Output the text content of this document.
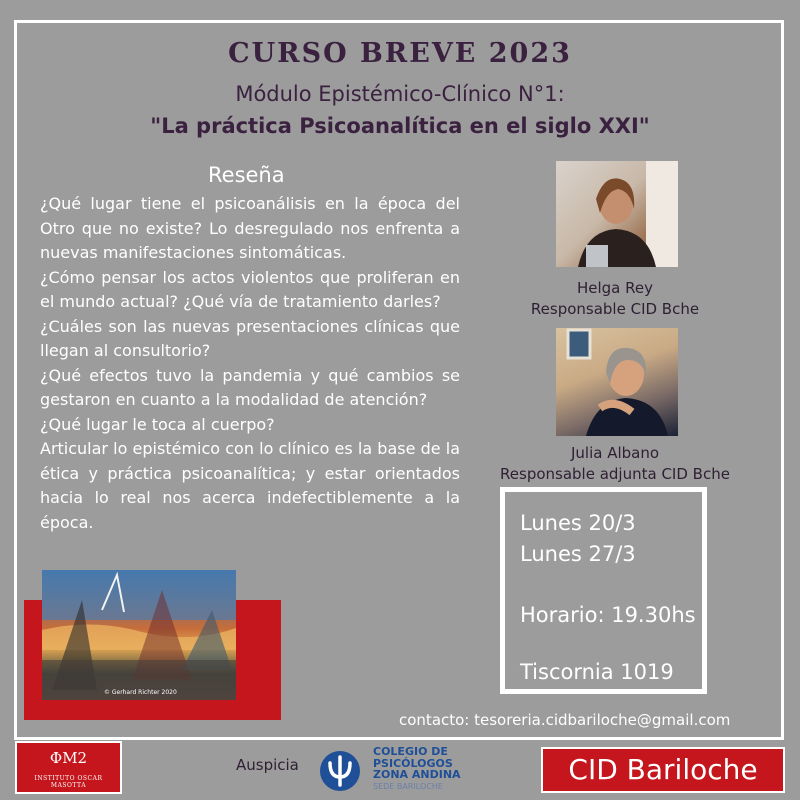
CURSO BREVE 2023
Módulo Epistémico-Clínico N°1:
"La práctica Psicoanalítica en el siglo XXI"
Reseña

¿Qué lugar tiene el psicoanálisis en la época del Otro que no existe? Lo desregulado nos enfrenta a nuevas manifestaciones sintomáticas.

¿Cómo pensar los actos violentos que proliferan en el mundo actual? ¿Qué vía de tratamiento darles?

¿Cuáles son las nuevas presentaciones clínicas que llegan al consultorio?

¿Qué efectos tuvo la pandemia y qué cambios se gestaron en cuanto a la modalidad de atención?

¿Qué lugar le toca al cuerpo?

Articular lo epistémico con lo clínico es la base de la ética y práctica psicoanalítica; y estar orientados hacia lo real nos acerca indefectiblemente a la época.

Helga Rey
Responsable CID Bche
Julia Albano
Responsable adjunta CID Bche
Lunes 20/3
Lunes 27/3
Horario: 19.30hs
Tiscornia 1019
© Gerhard Richter 2020
contacto: tesoreria.cidbariloche@gmail.com
ΦM2
INSTITUTO OSCAR MASOTTA
Auspicia
COLEGIO DE
PSICÓLOGOS
ZONA ANDINA
SEDE BARILOCHE	CID Bariloche
